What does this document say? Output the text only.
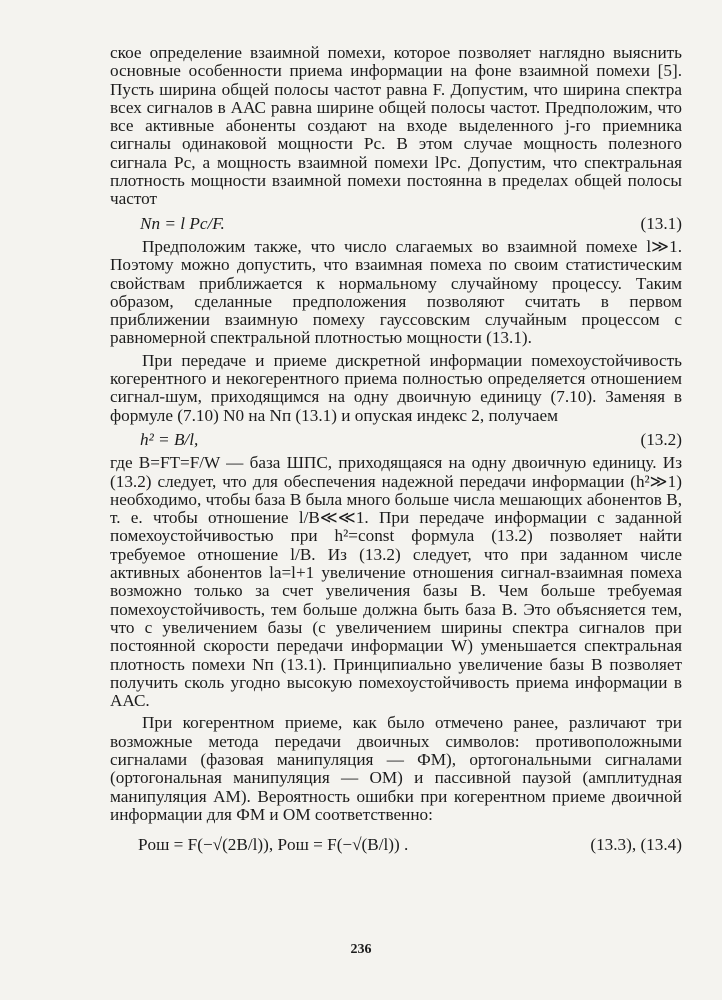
ское определение взаимной помехи, которое позволяет наглядно выяснить основные особенности приема информации на фоне взаимной помехи [5]. Пусть ширина общей полосы частот равна F. Допустим, что ширина спектра всех сигналов в ААС равна ширине общей полосы частот. Предположим, что все активные абоненты создают на входе выделенного j-го приемника сигналы одинаковой мощности Pc. В этом случае мощность полезного сигнала Pc, а мощность взаимной помехи lPc. Допустим, что спектральная плотность мощности взаимной помехи постоянна в пределах общей полосы частот

Nп = l Pc/F.	(13.1)

Предположим также, что число слагаемых во взаимной помехе l≫1. Поэтому можно допустить, что взаимная помеха по своим статистическим свойствам приближается к нормальному случайному процессу. Таким образом, сделанные предположения позволяют считать в первом приближении взаимную помеху гауссовским случайным процессом с равномерной спектральной плотностью мощности (13.1).

При передаче и приеме дискретной информации помехоустойчивость когерентного и некогерентного приема полностью определяется отношением сигнал-шум, приходящимся на одну двоичную единицу (7.10). Заменяя в формуле (7.10) N0 на Nп (13.1) и опуская индекс 2, получаем

h² = B/l,	(13.2)

где B=FT=F/W — база ШПС, приходящаяся на одну двоичную единицу. Из (13.2) следует, что для обеспечения надежной передачи информации (h²≫1) необходимо, чтобы база B была много больше числа мешающих абонентов B, т. е. чтобы отношение l/B≪≪1. При передаче информации с заданной помехоустойчивостью при h²=const формула (13.2) позволяет найти требуемое отношение l/B. Из (13.2) следует, что при заданном числе активных абонентов lа=l+1 увеличение отношения сигнал-взаимная помеха возможно только за счет увеличения базы B. Чем больше требуемая помехоустойчивость, тем больше должна быть база B. Это объясняется тем, что с увеличением базы (с увеличением ширины спектра сигналов при постоянной скорости передачи информации W) уменьшается спектральная плотность помехи Nп (13.1). Принципиально увеличение базы B позволяет получить сколь угодно высокую помехоустойчивость приема информации в ААС.

При когерентном приеме, как было отмечено ранее, различают три возможные метода передачи двоичных символов: противоположными сигналами (фазовая манипуляция — ФМ), ортогональными сигналами (ортогональная манипуляция — ОМ) и пассивной паузой (амплитудная манипуляция АМ). Вероятность ошибки при когерентном приеме двоичной информации для ФМ и ОМ соответственно:

Pош = F(−√(2B/l)), Pош = F(−√(B/l)) .	(13.3), (13.4)
236
